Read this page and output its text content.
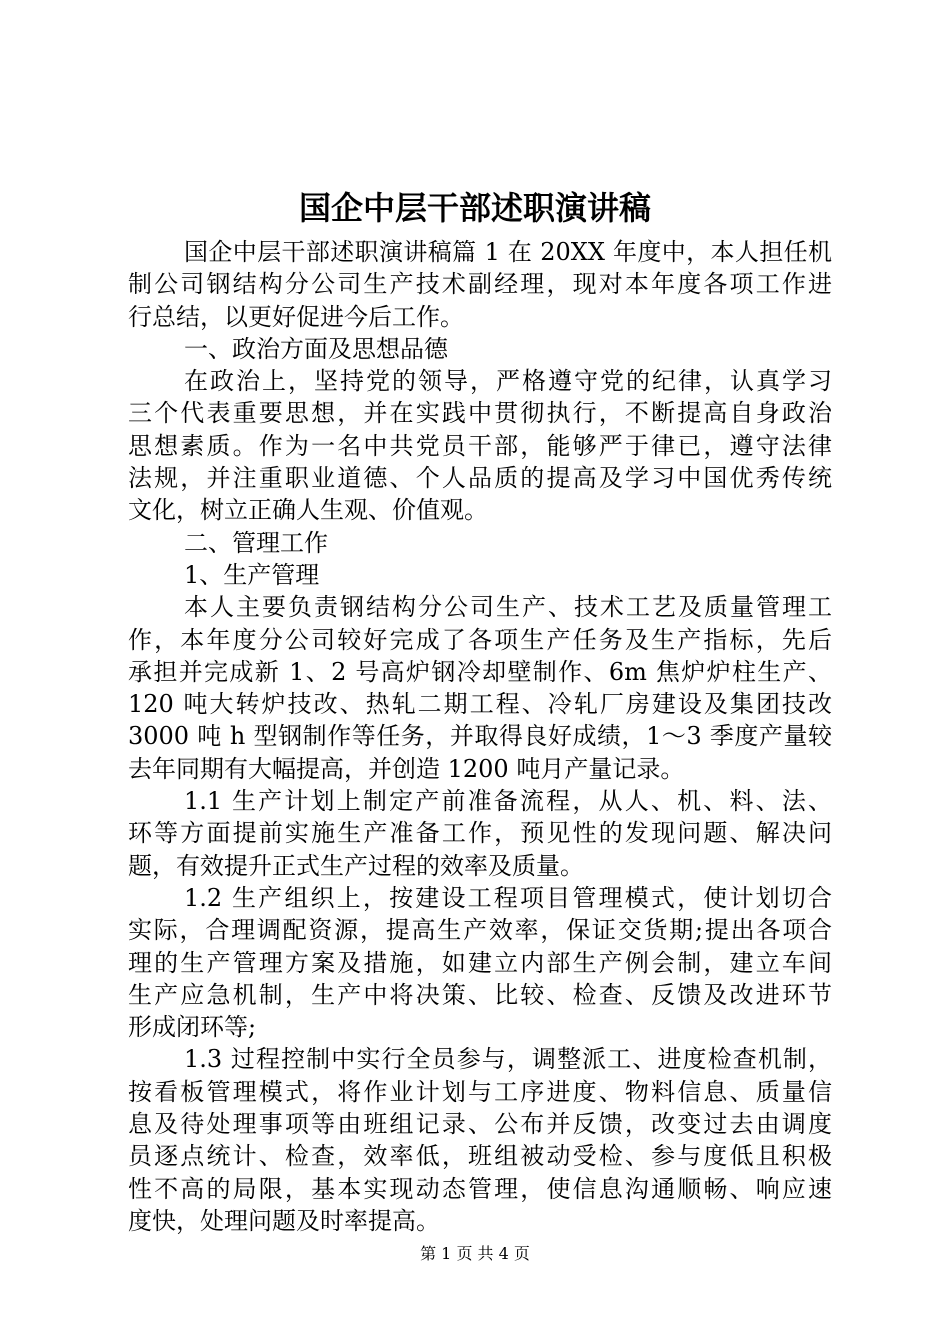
国企中层干部述职演讲稿
国企中层干部述职演讲稿篇 1 在 20XX 年度中，本人担任机
制公司钢结构分公司生产技术副经理，现对本年度各项工作进
行总结，以更好促进今后工作。
一、政治方面及思想品德
在政治上，坚持党的领导，严格遵守党的纪律，认真学习
三个代表重要思想，并在实践中贯彻执行，不断提高自身政治
思想素质。作为一名中共党员干部，能够严于律已，遵守法律
法规，并注重职业道德、个人品质的提高及学习中国优秀传统
文化，树立正确人生观、价值观。
二、管理工作
1、生产管理
本人主要负责钢结构分公司生产、技术工艺及质量管理工
作，本年度分公司较好完成了各项生产任务及生产指标，先后
承担并完成新 1、2 号高炉钢冷却壁制作、6m 焦炉炉柱生产、
120 吨大转炉技改、热轧二期工程、冷轧厂房建设及集团技改
3000 吨 h 型钢制作等任务，并取得良好成绩，1～3 季度产量较
去年同期有大幅提高，并创造 1200 吨月产量记录。
1.1 生产计划上制定产前准备流程，从人、机、料、法、
环等方面提前实施生产准备工作，预见性的发现问题、解决问
题，有效提升正式生产过程的效率及质量。
1.2 生产组织上，按建设工程项目管理模式，使计划切合
实际，合理调配资源，提高生产效率，保证交货期;提出各项合
理的生产管理方案及措施，如建立内部生产例会制，建立车间
生产应急机制，生产中将决策、比较、检查、反馈及改进环节
形成闭环等;
1.3 过程控制中实行全员参与，调整派工、进度检查机制，
按看板管理模式，将作业计划与工序进度、物料信息、质量信
息及待处理事项等由班组记录、公布并反馈，改变过去由调度
员逐点统计、检查，效率低，班组被动受检、参与度低且积极
性不高的局限，基本实现动态管理，使信息沟通顺畅、响应速
度快，处理问题及时率提高。
第 1 页 共 4 页
